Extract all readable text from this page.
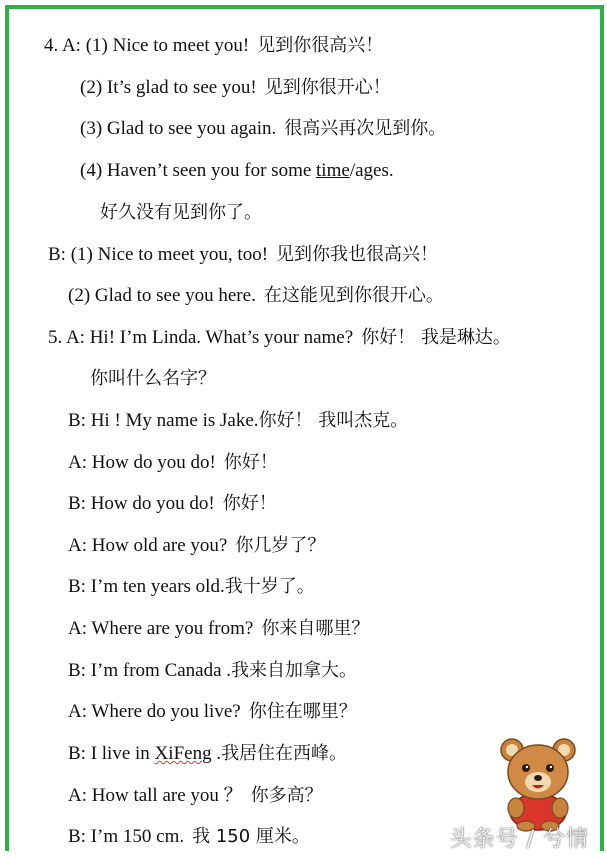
4. A: (1) Nice to meet you! 见到你很高兴！
(2) It’s glad to see you! 见到你很开心！
(3) Glad to see you again. 很高兴再次见到你。
(4) Haven’t seen you for some time/ages.
好久没有见到你了。
B: (1) Nice to meet you, too! 见到你我也很高兴！
(2) Glad to see you here. 在这能见到你很开心。
5. A: Hi! I’m Linda. What’s your name? 你好！ 我是琳达。
你叫什么名字？
B: Hi ! My name is Jake.你好！ 我叫杰克。
A: How do you do! 你好！
B: How do you do! 你好！
A: How old are you? 你几岁了？
B: I’m ten years old.我十岁了。
A: Where are you from? 你来自哪里？
B: I’m from Canada .我来自加拿大。
A: Where do you live? 你住在哪里？
B: I live in XiFeng .我居住在西峰。
A: How tall are you ？ 你多高？
B: I’m 150 cm. 我 150 厘米。	头条号 / 兮情
